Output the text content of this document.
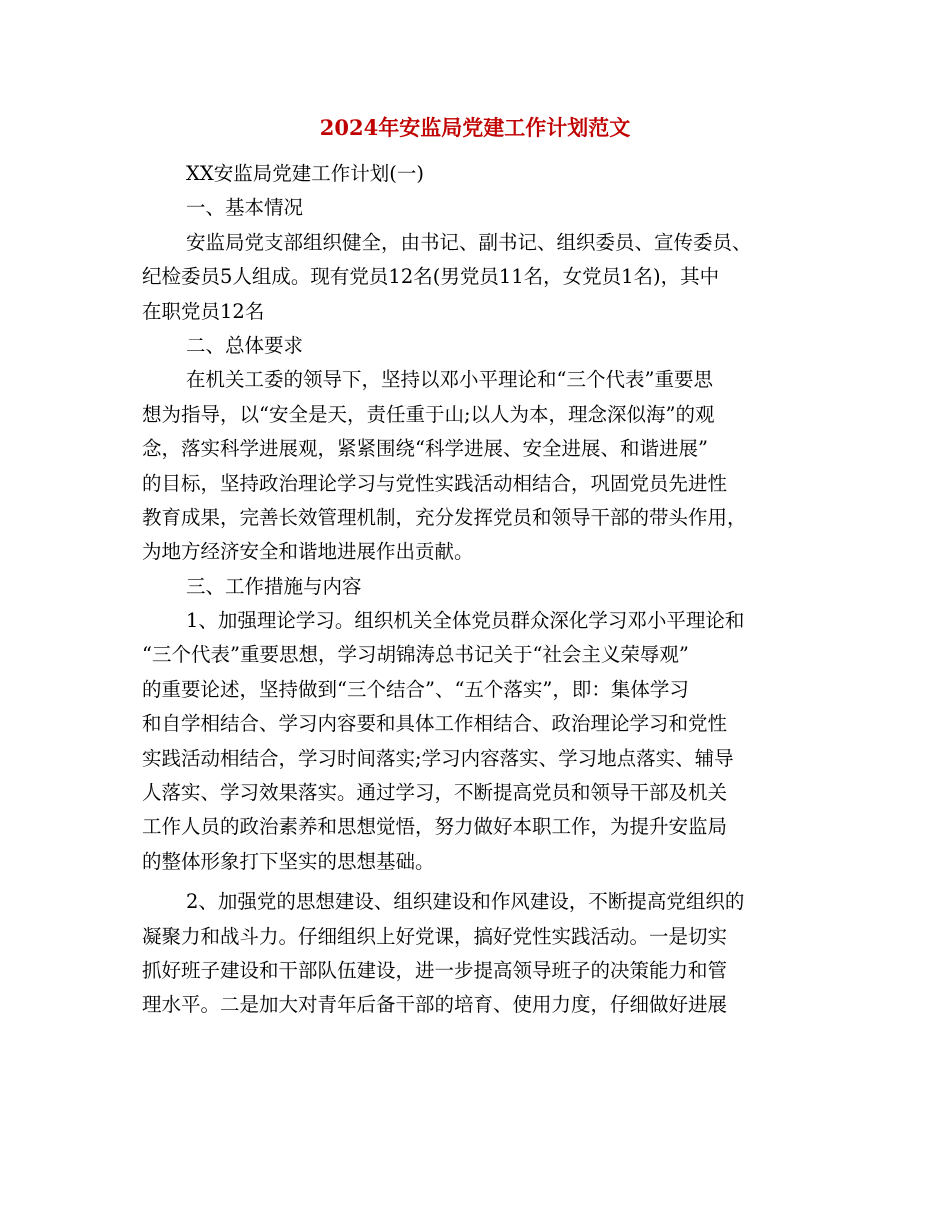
2024年安监局党建工作计划范文
XX安监局党建工作计划(一)
一、基本情况
安监局党支部组织健全，由书记、副书记、组织委员、宣传委员、
纪检委员5人组成。现有党员12名(男党员11名，女党员1名)，其中
在职党员12名
二、总体要求
在机关工委的领导下，坚持以邓小平理论和“三个代表”重要思
想为指导，以“安全是天，责任重于山;以人为本，理念深似海”的观
念，落实科学进展观，紧紧围绕“科学进展、安全进展、和谐进展”
的目标，坚持政治理论学习与党性实践活动相结合，巩固党员先进性
教育成果，完善长效管理机制，充分发挥党员和领导干部的带头作用，
为地方经济安全和谐地进展作出贡献。
三、工作措施与内容
1、加强理论学习。组织机关全体党员群众深化学习邓小平理论和
“三个代表”重要思想，学习胡锦涛总书记关于“社会主义荣辱观”
的重要论述，坚持做到“三个结合”、“五个落实”，即：集体学习
和自学相结合、学习内容要和具体工作相结合、政治理论学习和党性
实践活动相结合，学习时间落实;学习内容落实、学习地点落实、辅导
人落实、学习效果落实。通过学习，不断提高党员和领导干部及机关
工作人员的政治素养和思想觉悟，努力做好本职工作，为提升安监局
的整体形象打下坚实的思想基础。
2、加强党的思想建设、组织建设和作风建设，不断提高党组织的
凝聚力和战斗力。仔细组织上好党课，搞好党性实践活动。一是切实
抓好班子建设和干部队伍建设，进一步提高领导班子的决策能力和管
理水平。二是加大对青年后备干部的培育、使用力度，仔细做好进展
